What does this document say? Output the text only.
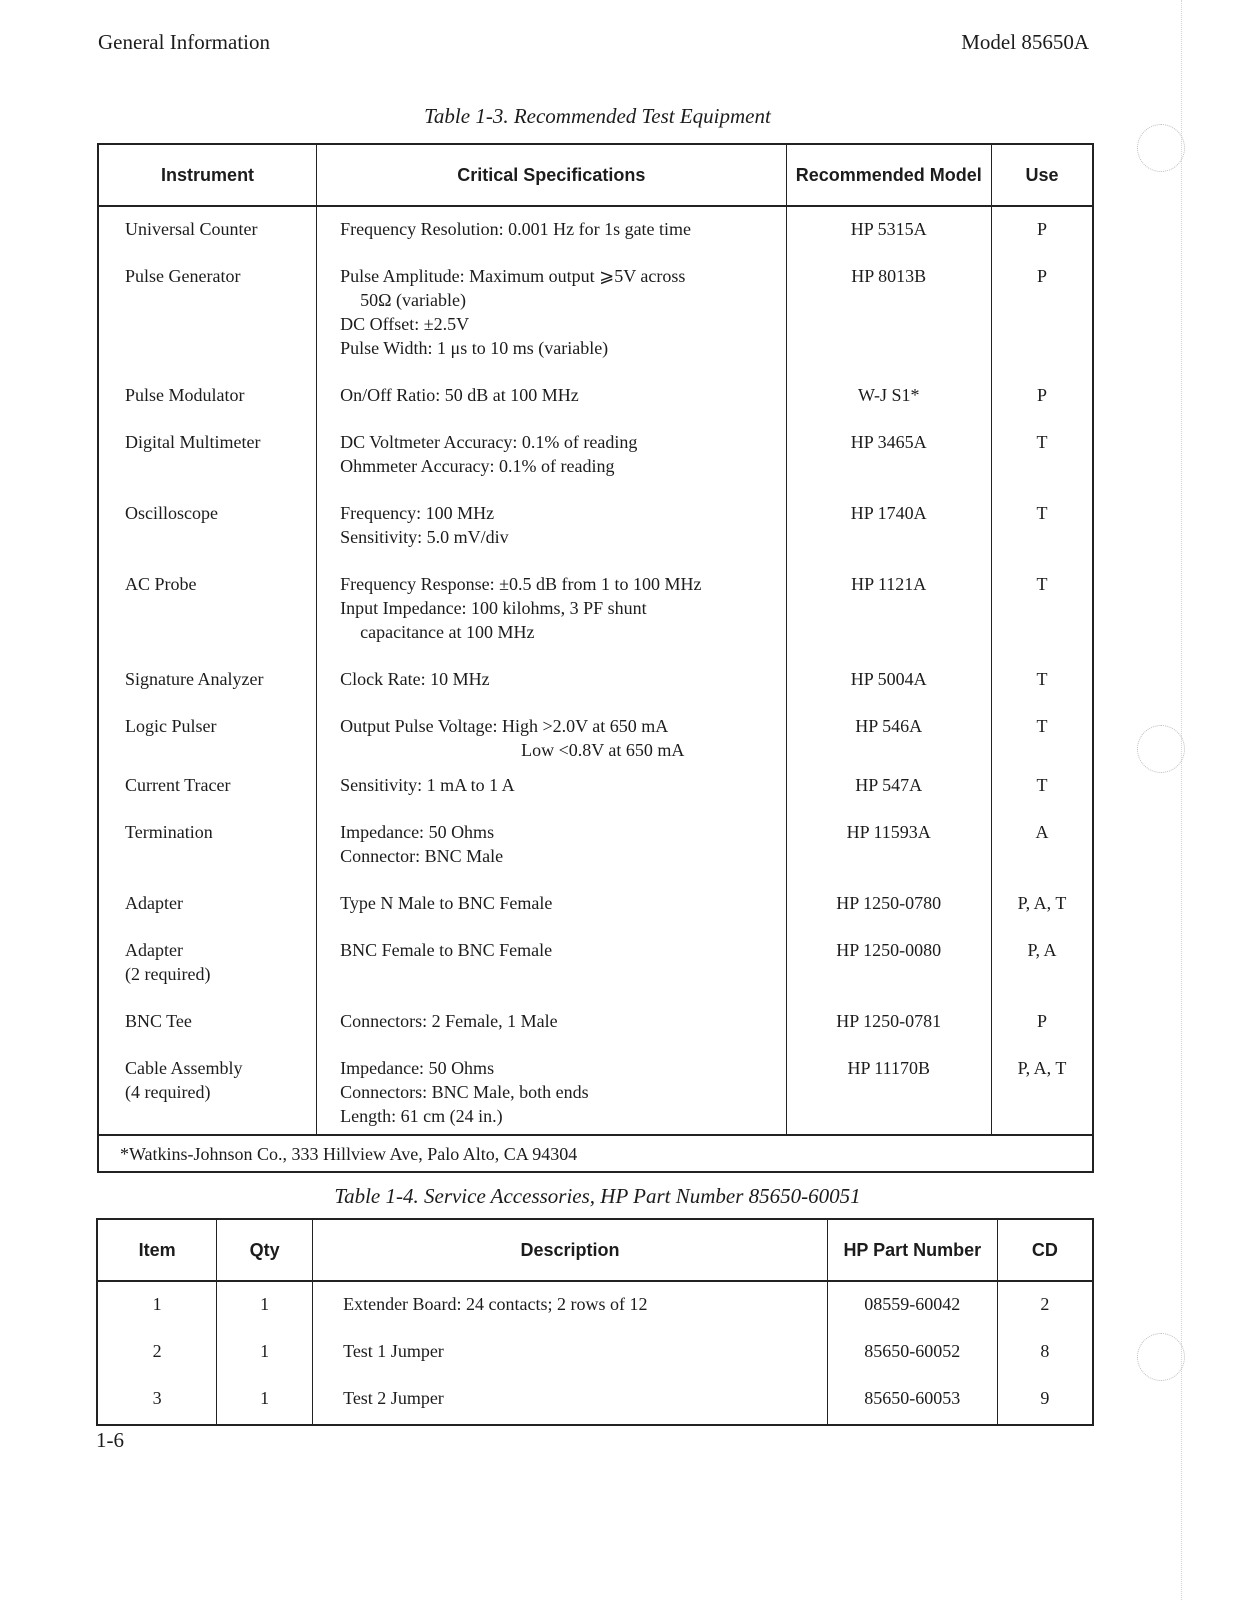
General Information	Model 85650A
Table 1-3. Recommended Test Equipment
Instrument	Critical Specifications	Recommended Model	Use

Universal Counter	Frequency Resolution: 0.001 Hz for 1s gate time	HP 5315A	P

Pulse Generator	Pulse Amplitude: Maximum output ⩾5V across
50Ω (variable)
DC Offset: ±2.5V
Pulse Width: 1 μs to 10 ms (variable)	HP 8013B	P

Pulse Modulator	On/Off Ratio: 50 dB at 100 MHz	W-J S1*	P

Digital Multimeter	DC Voltmeter Accuracy: 0.1% of reading
Ohmmeter Accuracy: 0.1% of reading	HP 3465A	T

Oscilloscope	Frequency: 100 MHz
Sensitivity: 5.0 mV/div	HP 1740A	T

AC Probe	Frequency Response: ±0.5 dB from 1 to 100 MHz
Input Impedance: 100 kilohms, 3 PF shunt
capacitance at 100 MHz	HP 1121A	T

Signature Analyzer	Clock Rate: 10 MHz	HP 5004A	T

Logic Pulser	Output Pulse Voltage: High >2.0V at 650 mA
Low <0.8V at 650 mA	HP 546A	T

Current Tracer	Sensitivity: 1 mA to 1 A	HP 547A	T

Termination	Impedance: 50 Ohms
Connector: BNC Male	HP 11593A	A

Adapter	Type N Male to BNC Female	HP 1250-0780	P, A, T

Adapter
(2 required)	BNC Female to BNC Female	HP 1250-0080	P, A

BNC Tee	Connectors: 2 Female, 1 Male	HP 1250-0781	P

Cable Assembly
(4 required)	Impedance: 50 Ohms
Connectors: BNC Male, both ends
Length: 61 cm (24 in.)	HP 11170B	P, A, T
*Watkins-Johnson Co., 333 Hillview Ave, Palo Alto, CA 94304			
Table 1-4. Service Accessories, HP Part Number 85650-60051
Item	Qty	Description	HP Part Number	CD
1	1	Extender Board: 24 contacts; 2 rows of 12	08559-60042	2
2	1	Test 1 Jumper	85650-60052	8
3	1	Test 2 Jumper	85650-60053	9
1-6
